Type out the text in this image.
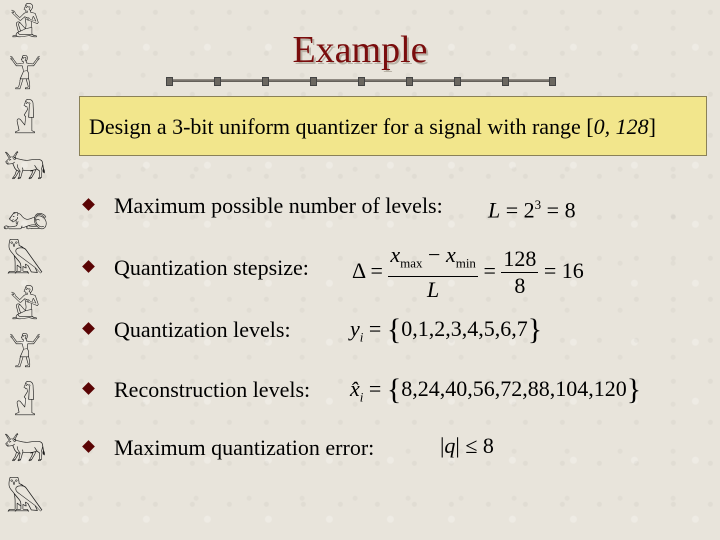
𓀀
𓀠
𓁐
𓃒
𓃭
𓅓
𓀀
𓀠
𓁐
𓃒
𓅓
Example
Design a 3-bit uniform quantizer for a signal with range [0, 128]
Maximum possible number of levels: $L = 2^3 = 8$
Quantization stepsize: $\Delta = \frac{x_{max} - x_{min}}{L} = \frac{128}{8} = 16$
Quantization levels:	$y_i = \{0,1,2,3,4,5,6,7\}$
Reconstruction levels: $x̂_i = \{8,24,40,56,72,88,104,120\}$
Maximum quantization error:	|q| ≤ 8
